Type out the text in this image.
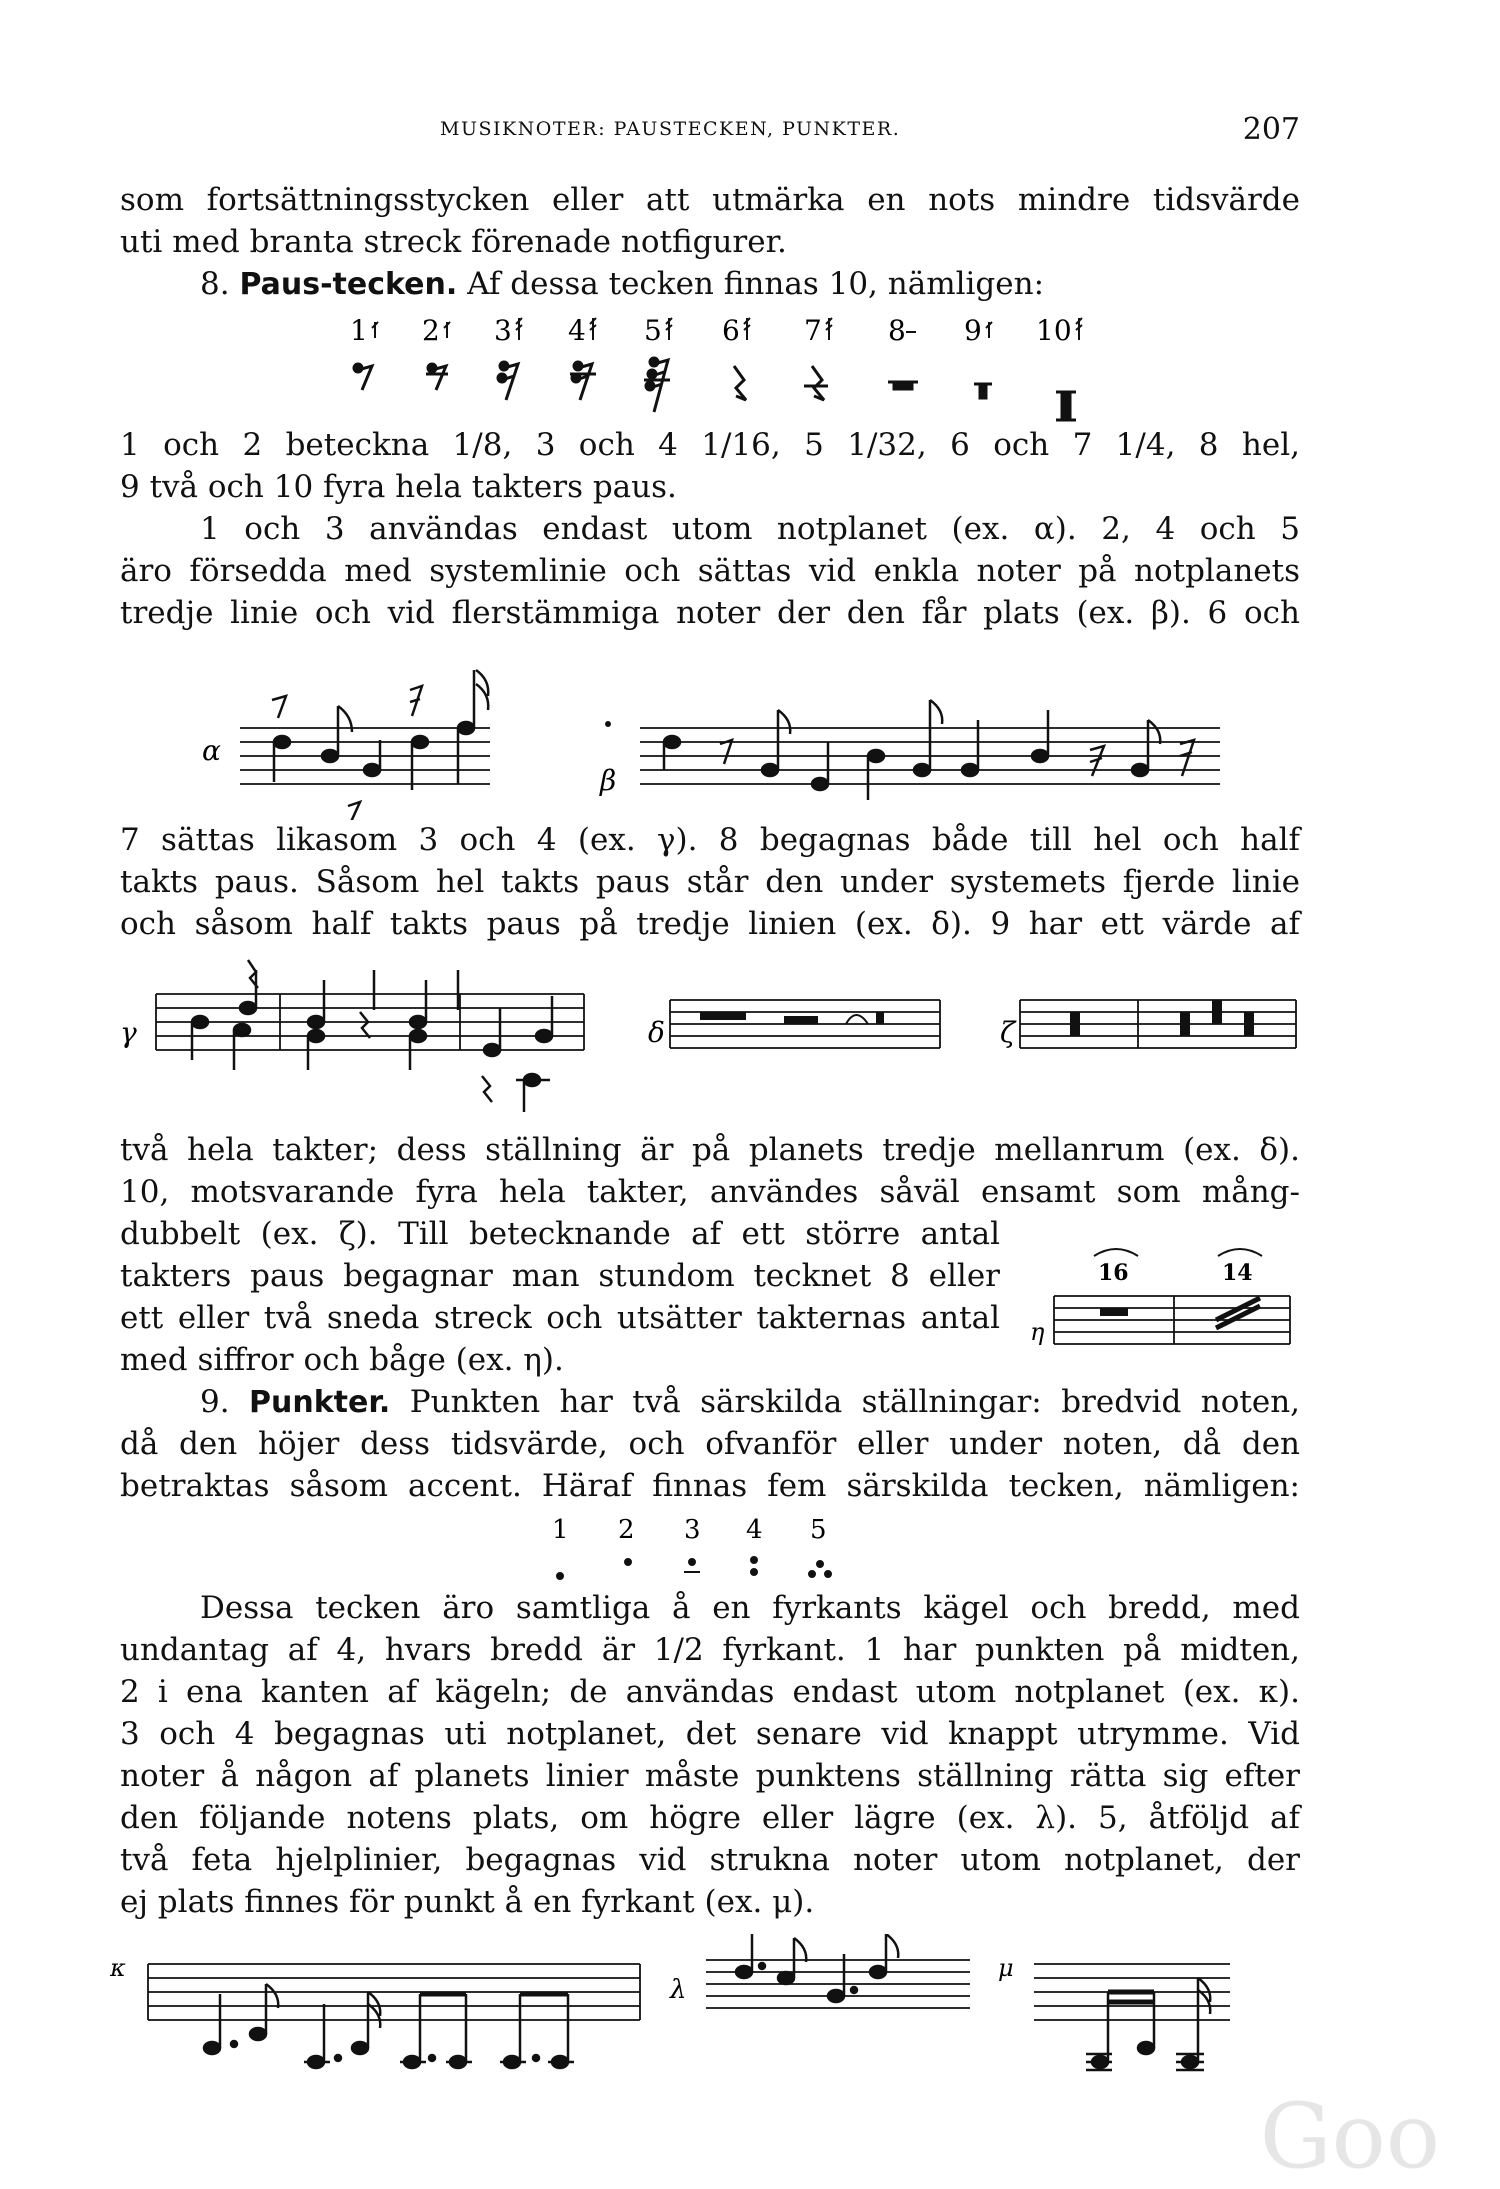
MUSIKNOTER: PAUSTECKEN, PUNKTER.	207
som fortsättningsstycken eller att utmärka en nots mindre tidsvärde
uti med branta streck förenade notfigurer.
8. Paus-tecken. Af dessa tecken finnas 10, nämligen:
1 2 3 4 5 6 7 8 9 10
1 och 2 beteckna 1/8, 3 och 4 1/16, 5 1/32, 6 och 7 1/4, 8 hel,
9 två och 10 fyra hela takters paus.
1 och 3 användas endast utom notplanet (ex. α). 2, 4 och 5
äro försedda med systemlinie och sättas vid enkla noter på notplanets
tredje linie och vid flerstämmiga noter der den får plats (ex. β). 6 och
α
β
7 sättas likasom 3 och 4 (ex. γ). 8 begagnas både till hel och half
takts paus. Såsom hel takts paus står den under systemets fjerde linie
och såsom half takts paus på tredje linien (ex. δ). 9 har ett värde af
γ	δ	ζ
två hela takter; dess ställning är på planets tredje mellanrum (ex. δ).
10, motsvarande fyra hela takter, användes såväl ensamt som mång-
dubbelt (ex. ζ). Till betecknande af ett större antal
takters paus begagnar man stundom tecknet 8 eller
ett eller två sneda streck och utsätter takternas antal
med siffror och båge (ex. η).
η
16	14
9. Punkter. Punkten har två särskilda ställningar: bredvid noten,
då den höjer dess tidsvärde, och ofvanför eller under noten, då den
betraktas såsom accent. Häraf finnas fem särskilda tecken, nämligen:
1 2 3 4 5
Dessa tecken äro samtliga å en fyrkants kägel och bredd, med
undantag af 4, hvars bredd är 1/2 fyrkant. 1 har punkten på midten,
2 i ena kanten af kägeln; de användas endast utom notplanet (ex. κ).
3 och 4 begagnas uti notplanet, det senare vid knappt utrymme. Vid
noter å någon af planets linier måste punktens ställning rätta sig efter
den följande notens plats, om högre eller lägre (ex. λ). 5, åtföljd af
två feta hjelplinier, begagnas vid strukna noter utom notplanet, der
ej plats finnes för punkt å en fyrkant (ex. μ).
κ
λ
μ
Goo
